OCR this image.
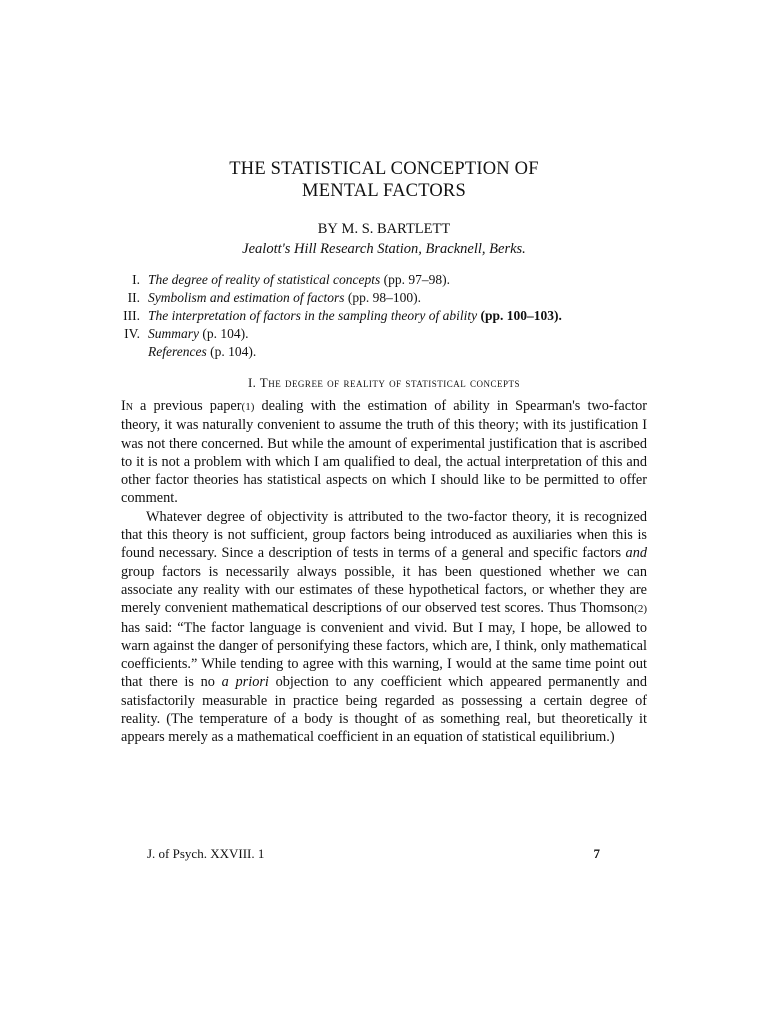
THE STATISTICAL CONCEPTION OF
MENTAL FACTORS
BY M. S. BARTLETT
Jealott's Hill Research Station, Bracknell, Berks.
I. The degree of reality of statistical concepts (pp. 97–98).
II. Symbolism and estimation of factors (pp. 98–100).
III. The interpretation of factors in the sampling theory of ability (pp. 100–103).
IV. Summary (p. 104).
References (p. 104).
I. The degree of reality of statistical concepts

In a previous paper(1) dealing with the estimation of ability in Spearman's two-factor theory, it was naturally convenient to assume the truth of this theory; with its justification I was not there concerned. But while the amount of experimental justification that is ascribed to it is not a problem with which I am qualified to deal, the actual interpretation of this and other factor theories has statistical aspects on which I should like to be permitted to offer comment.

Whatever degree of objectivity is attributed to the two-factor theory, it is recognized that this theory is not sufficient, group factors being introduced as auxiliaries when this is found necessary. Since a description of tests in terms of a general and specific factors and group factors is necessarily always possible, it has been questioned whether we can associate any reality with our estimates of these hypothetical factors, or whether they are merely convenient mathematical descriptions of our observed test scores. Thus Thomson(2) has said: “The factor language is convenient and vivid. But I may, I hope, be allowed to warn against the danger of personifying these factors, which are, I think, only mathematical coefficients.” While tending to agree with this warning, I would at the same time point out that there is no a priori objection to any coefficient which appeared permanently and satisfactorily measurable in practice being regarded as possessing a certain degree of reality. (The temperature of a body is thought of as something real, but theoretically it appears merely as a mathematical coefficient in an equation of statistical equilibrium.)

J. of Psych. XXVIII. 1	7
